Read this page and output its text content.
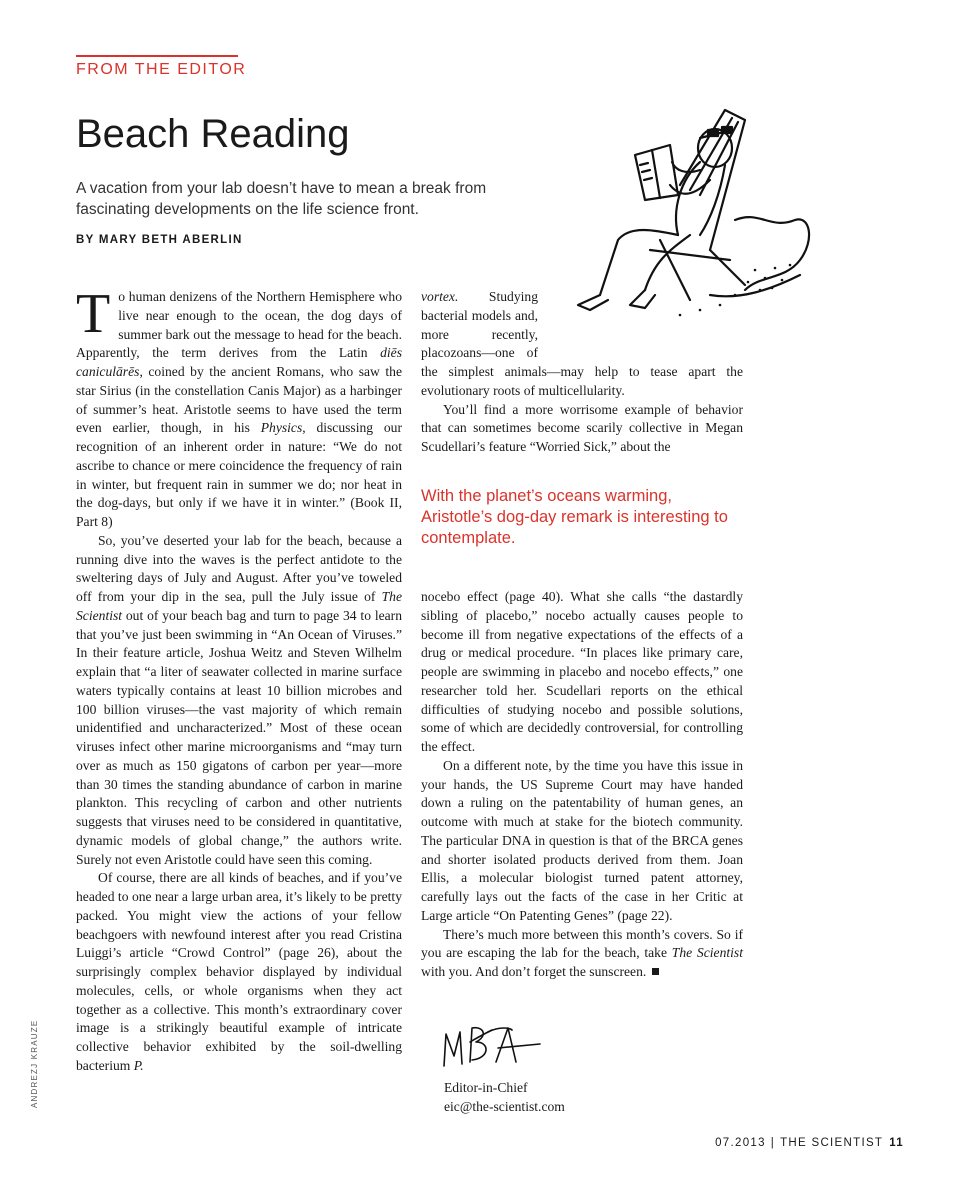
FROM THE EDITOR
Beach Reading
A vacation from your lab doesn’t have to mean a break from fascinating developments on the life science front.
BY MARY BETH ABERLIN

To human denizens of the Northern Hemisphere who live near enough to the ocean, the dog days of summer bark out the message to head for the beach. Apparently, the term derives from the Latin diēs caniculārēs, coined by the ancient Romans, who saw the star Sirius (in the constellation Canis Major) as a harbinger of summer’s heat. Aristotle seems to have used the term even earlier, though, in his Physics, discussing our recognition of an inherent order in nature: “We do not ascribe to chance or mere coincidence the frequency of rain in winter, but frequent rain in summer we do; nor heat in the dog-days, but only if we have it in winter.” (Book II, Part 8)

So, you’ve deserted your lab for the beach, because a running dive into the waves is the perfect antidote to the sweltering days of July and August. After you’ve toweled off from your dip in the sea, pull the July issue of The Scientist out of your beach bag and turn to page 34 to learn that you’ve just been swimming in “An Ocean of Viruses.” In their feature article, Joshua Weitz and Steven Wilhelm explain that “a liter of seawater collected in marine surface waters typically contains at least 10 billion microbes and 100 billion viruses—the vast majority of which remain unidentified and uncharacterized.” Most of these ocean viruses infect other marine microorganisms and “may turn over as much as 150 gigatons of carbon per year—more than 30 times the standing abundance of carbon in marine plankton. This recycling of carbon and other nutrients suggests that viruses need to be considered in quantitative, dynamic models of global change,” the authors write. Surely not even Aristotle could have seen this coming.

Of course, there are all kinds of beaches, and if you’ve headed to one near a large urban area, it’s likely to be pretty packed. You might view the actions of your fellow beachgoers with newfound interest after you read Cristina Luiggi’s article “Crowd Control” (page 26), about the surprisingly complex behavior displayed by individual molecules, cells, or whole organisms when they act together as a collective. This month’s extraordinary cover image is a strikingly beautiful example of intricate collective behavior exhibited by the soil-dwelling bacterium P.

vortex. Studying bacterial models and, more recently, placozoans—one of the simplest animals—may help to tease apart the evolutionary roots of multicellularity.

You’ll find a more worrisome example of behavior that can sometimes become scarily collective in Megan Scudellari’s feature “Worried Sick,” about the

With the planet’s oceans warming, Aristotle’s dog-day remark is interesting to contemplate.

nocebo effect (page 40). What she calls “the dastardly sibling of placebo,” nocebo actually causes people to become ill from negative expectations of the effects of a drug or medical procedure. “In places like primary care, people are swimming in placebo and nocebo effects,” one researcher told her. Scudellari reports on the ethical difficulties of studying nocebo and possible solutions, some of which are decidedly controversial, for controlling the effect.

On a different note, by the time you have this issue in your hands, the US Supreme Court may have handed down a ruling on the patentability of human genes, an outcome with much at stake for the biotech community. The particular DNA in question is that of the BRCA genes and shorter isolated products derived from them. Joan Ellis, a molecular biologist turned patent attorney, carefully lays out the facts of the case in her Critic at Large article “On Patenting Genes” (page 22).

There’s much more between this month’s covers. So if you are escaping the lab for the beach, take The Scientist with you. And don’t forget the sunscreen.

Editor-in-Chief
eic@the-scientist.com
ANDREZJ KRAUZE
07.2013 | THE SCIENTIST 11
